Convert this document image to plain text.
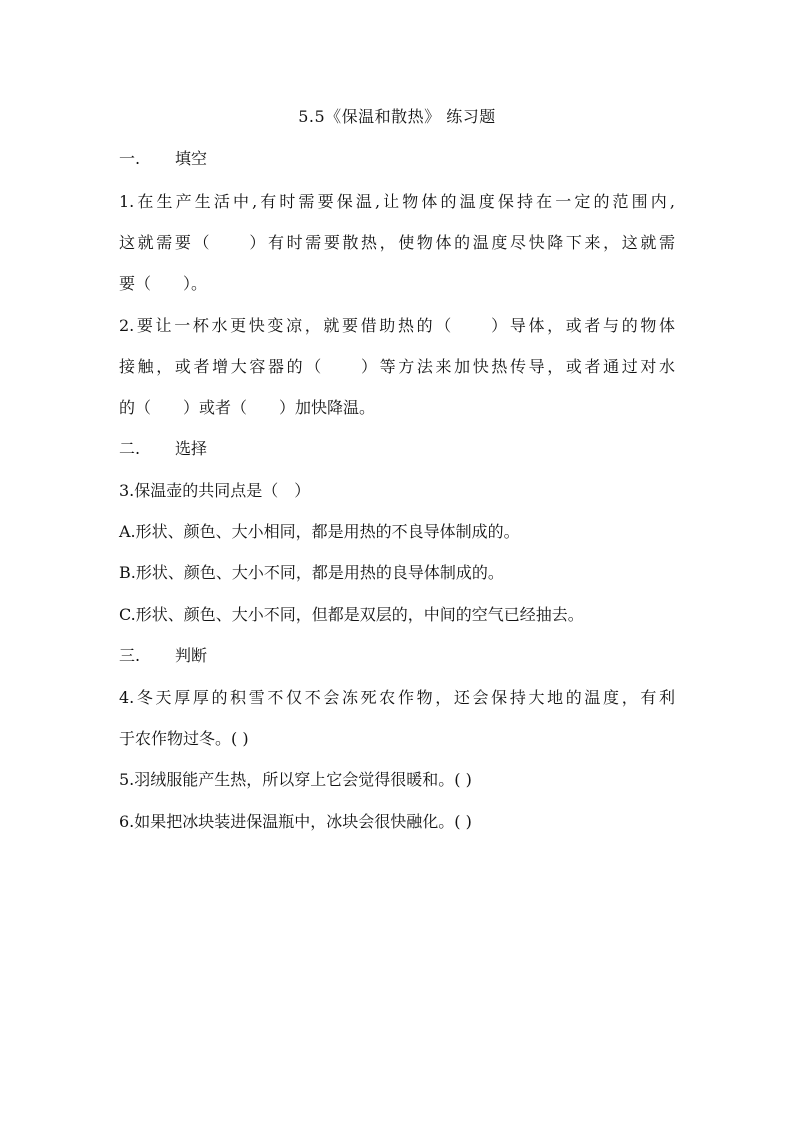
5.5《保温和散热》 练习题
一. 填空
1.在生产生活中,有时需要保温,让物体的温度保持在一定的范围内,
这就需要（　　）有时需要散热，使物体的温度尽快降下来，这就需
要（　　）。
2.要让一杯水更快变凉，就要借助热的（　　）导体，或者与的物体
接触，或者增大容器的（　　）等方法来加快热传导，或者通过对水
的（　　）或者（　　）加快降温。
二. 选择
3.保温壶的共同点是（　）
A.形状、颜色、大小相同，都是用热的不良导体制成的。
B.形状、颜色、大小不同，都是用热的良导体制成的。
C.形状、颜色、大小不同，但都是双层的，中间的空气已经抽去。
三. 判断
4.冬天厚厚的积雪不仅不会冻死农作物，还会保持大地的温度，有利
于农作物过冬。( )
5.羽绒服能产生热，所以穿上它会觉得很暖和。( )
6.如果把冰块装进保温瓶中，冰块会很快融化。( )
